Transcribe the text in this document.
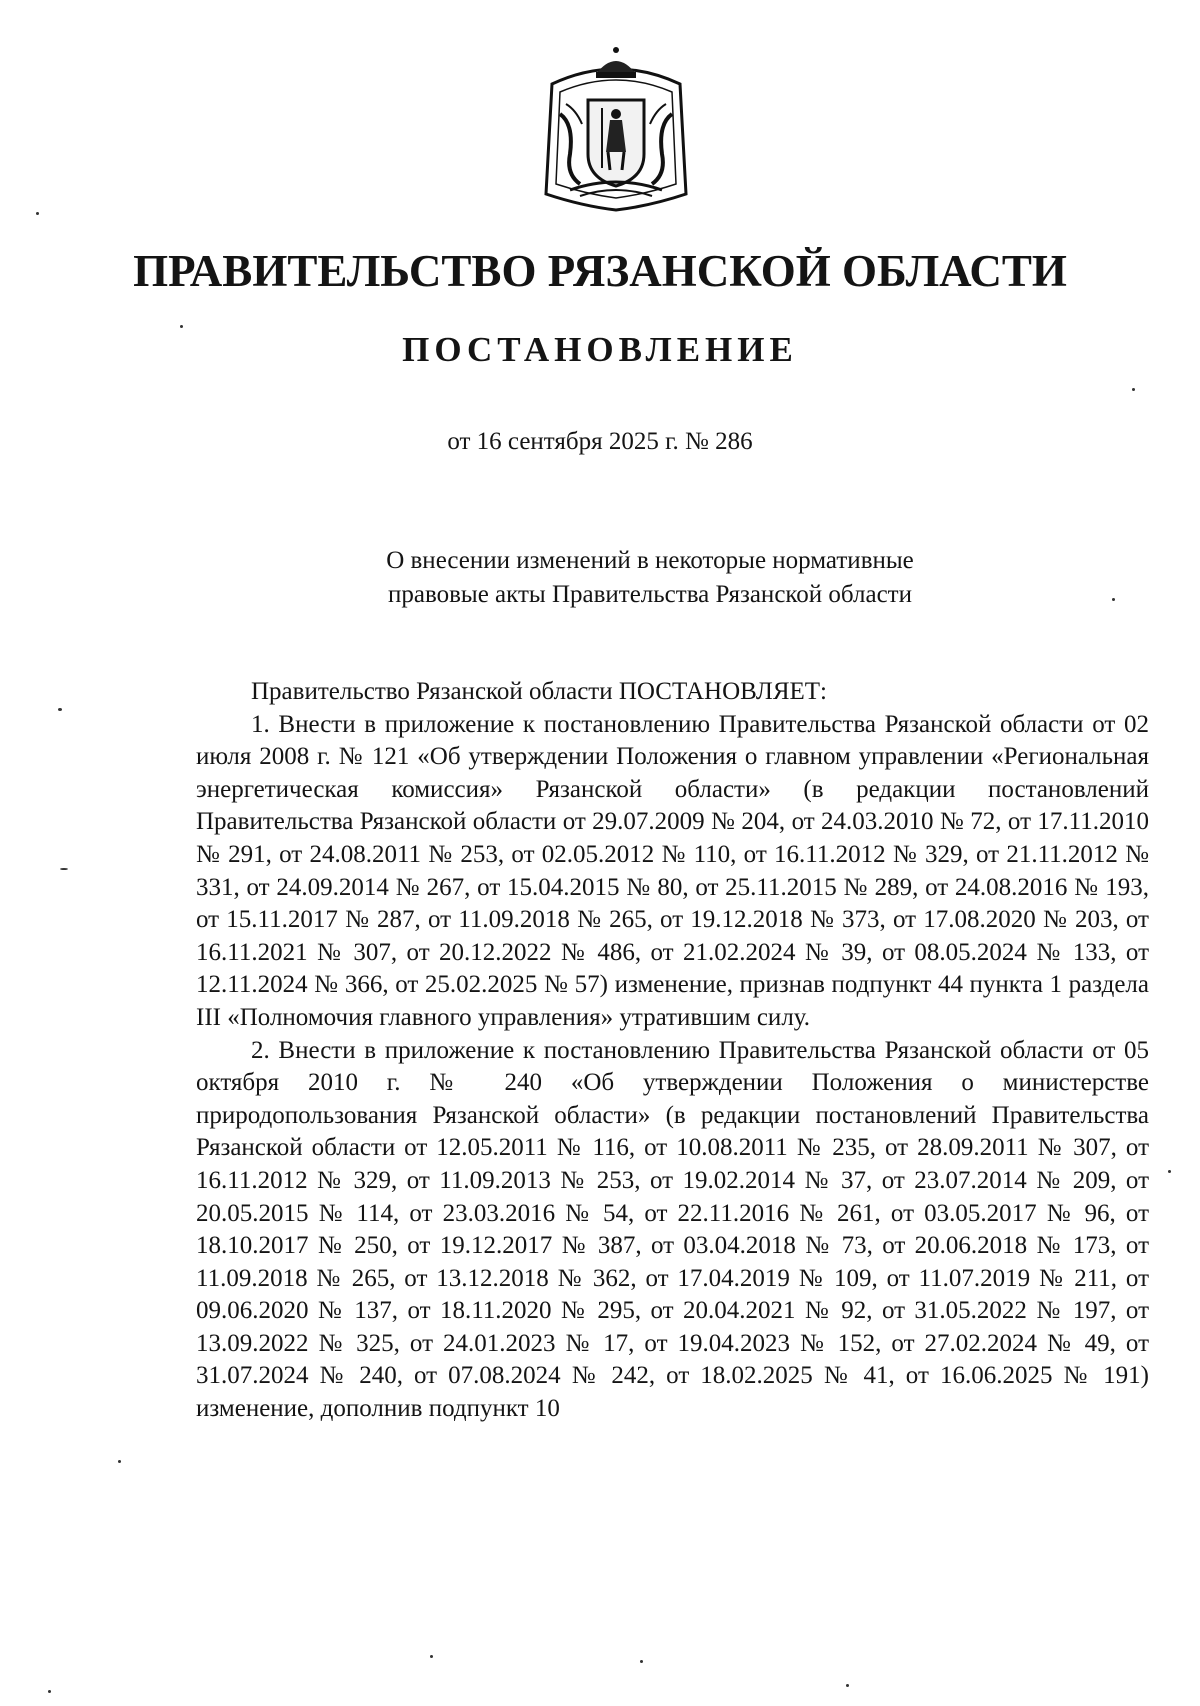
ПРАВИТЕЛЬСТВО РЯЗАНСКОЙ ОБЛАСТИ
ПОСТАНОВЛЕНИЕ
от 16 сентября 2025 г. № 286
О внесении изменений в некоторые нормативные
правовые акты Правительства Рязанской области

Правительство Рязанской области ПОСТАНОВЛЯЕТ:

1. Внести в приложение к постановлению Правительства Рязанской области от 02 июля 2008 г. № 121 «Об утверждении Положения о главном управлении «Региональная энергетическая комиссия» Рязанской области» (в редакции постановлений Правительства Рязанской области от 29.07.2009 № 204, от 24.03.2010 № 72, от 17.11.2010 № 291, от 24.08.2011 № 253, от 02.05.2012 № 110, от 16.11.2012 № 329, от 21.11.2012 № 331, от 24.09.2014 № 267, от 15.04.2015 № 80, от 25.11.2015 № 289, от 24.08.2016 № 193, от 15.11.2017 № 287, от 11.09.2018 № 265, от 19.12.2018 № 373, от 17.08.2020 № 203, от 16.11.2021 № 307, от 20.12.2022 № 486, от 21.02.2024 № 39, от 08.05.2024 № 133, от 12.11.2024 № 366, от 25.02.2025 № 57) изменение, признав подпункт 44 пункта 1 раздела III «Полномочия главного управления» утратившим силу.

2. Внести в приложение к постановлению Правительства Рязанской области от 05 октября 2010 г. № 240 «Об утверждении Положения о министерстве природопользования Рязанской области» (в редакции постановлений Правительства Рязанской области от 12.05.2011 № 116, от 10.08.2011 № 235, от 28.09.2011 № 307, от 16.11.2012 № 329, от 11.09.2013 № 253, от 19.02.2014 № 37, от 23.07.2014 № 209, от 20.05.2015 № 114, от 23.03.2016 № 54, от 22.11.2016 № 261, от 03.05.2017 № 96, от 18.10.2017 № 250, от 19.12.2017 № 387, от 03.04.2018 № 73, от 20.06.2018 № 173, от 11.09.2018 № 265, от 13.12.2018 № 362, от 17.04.2019 № 109, от 11.07.2019 № 211, от 09.06.2020 № 137, от 18.11.2020 № 295, от 20.04.2021 № 92, от 31.05.2022 № 197, от 13.09.2022 № 325, от 24.01.2023 № 17, от 19.04.2023 № 152, от 27.02.2024 № 49, от 31.07.2024 № 240, от 07.08.2024 № 242, от 18.02.2025 № 41, от 16.06.2025 № 191) изменение, дополнив подпункт 10
